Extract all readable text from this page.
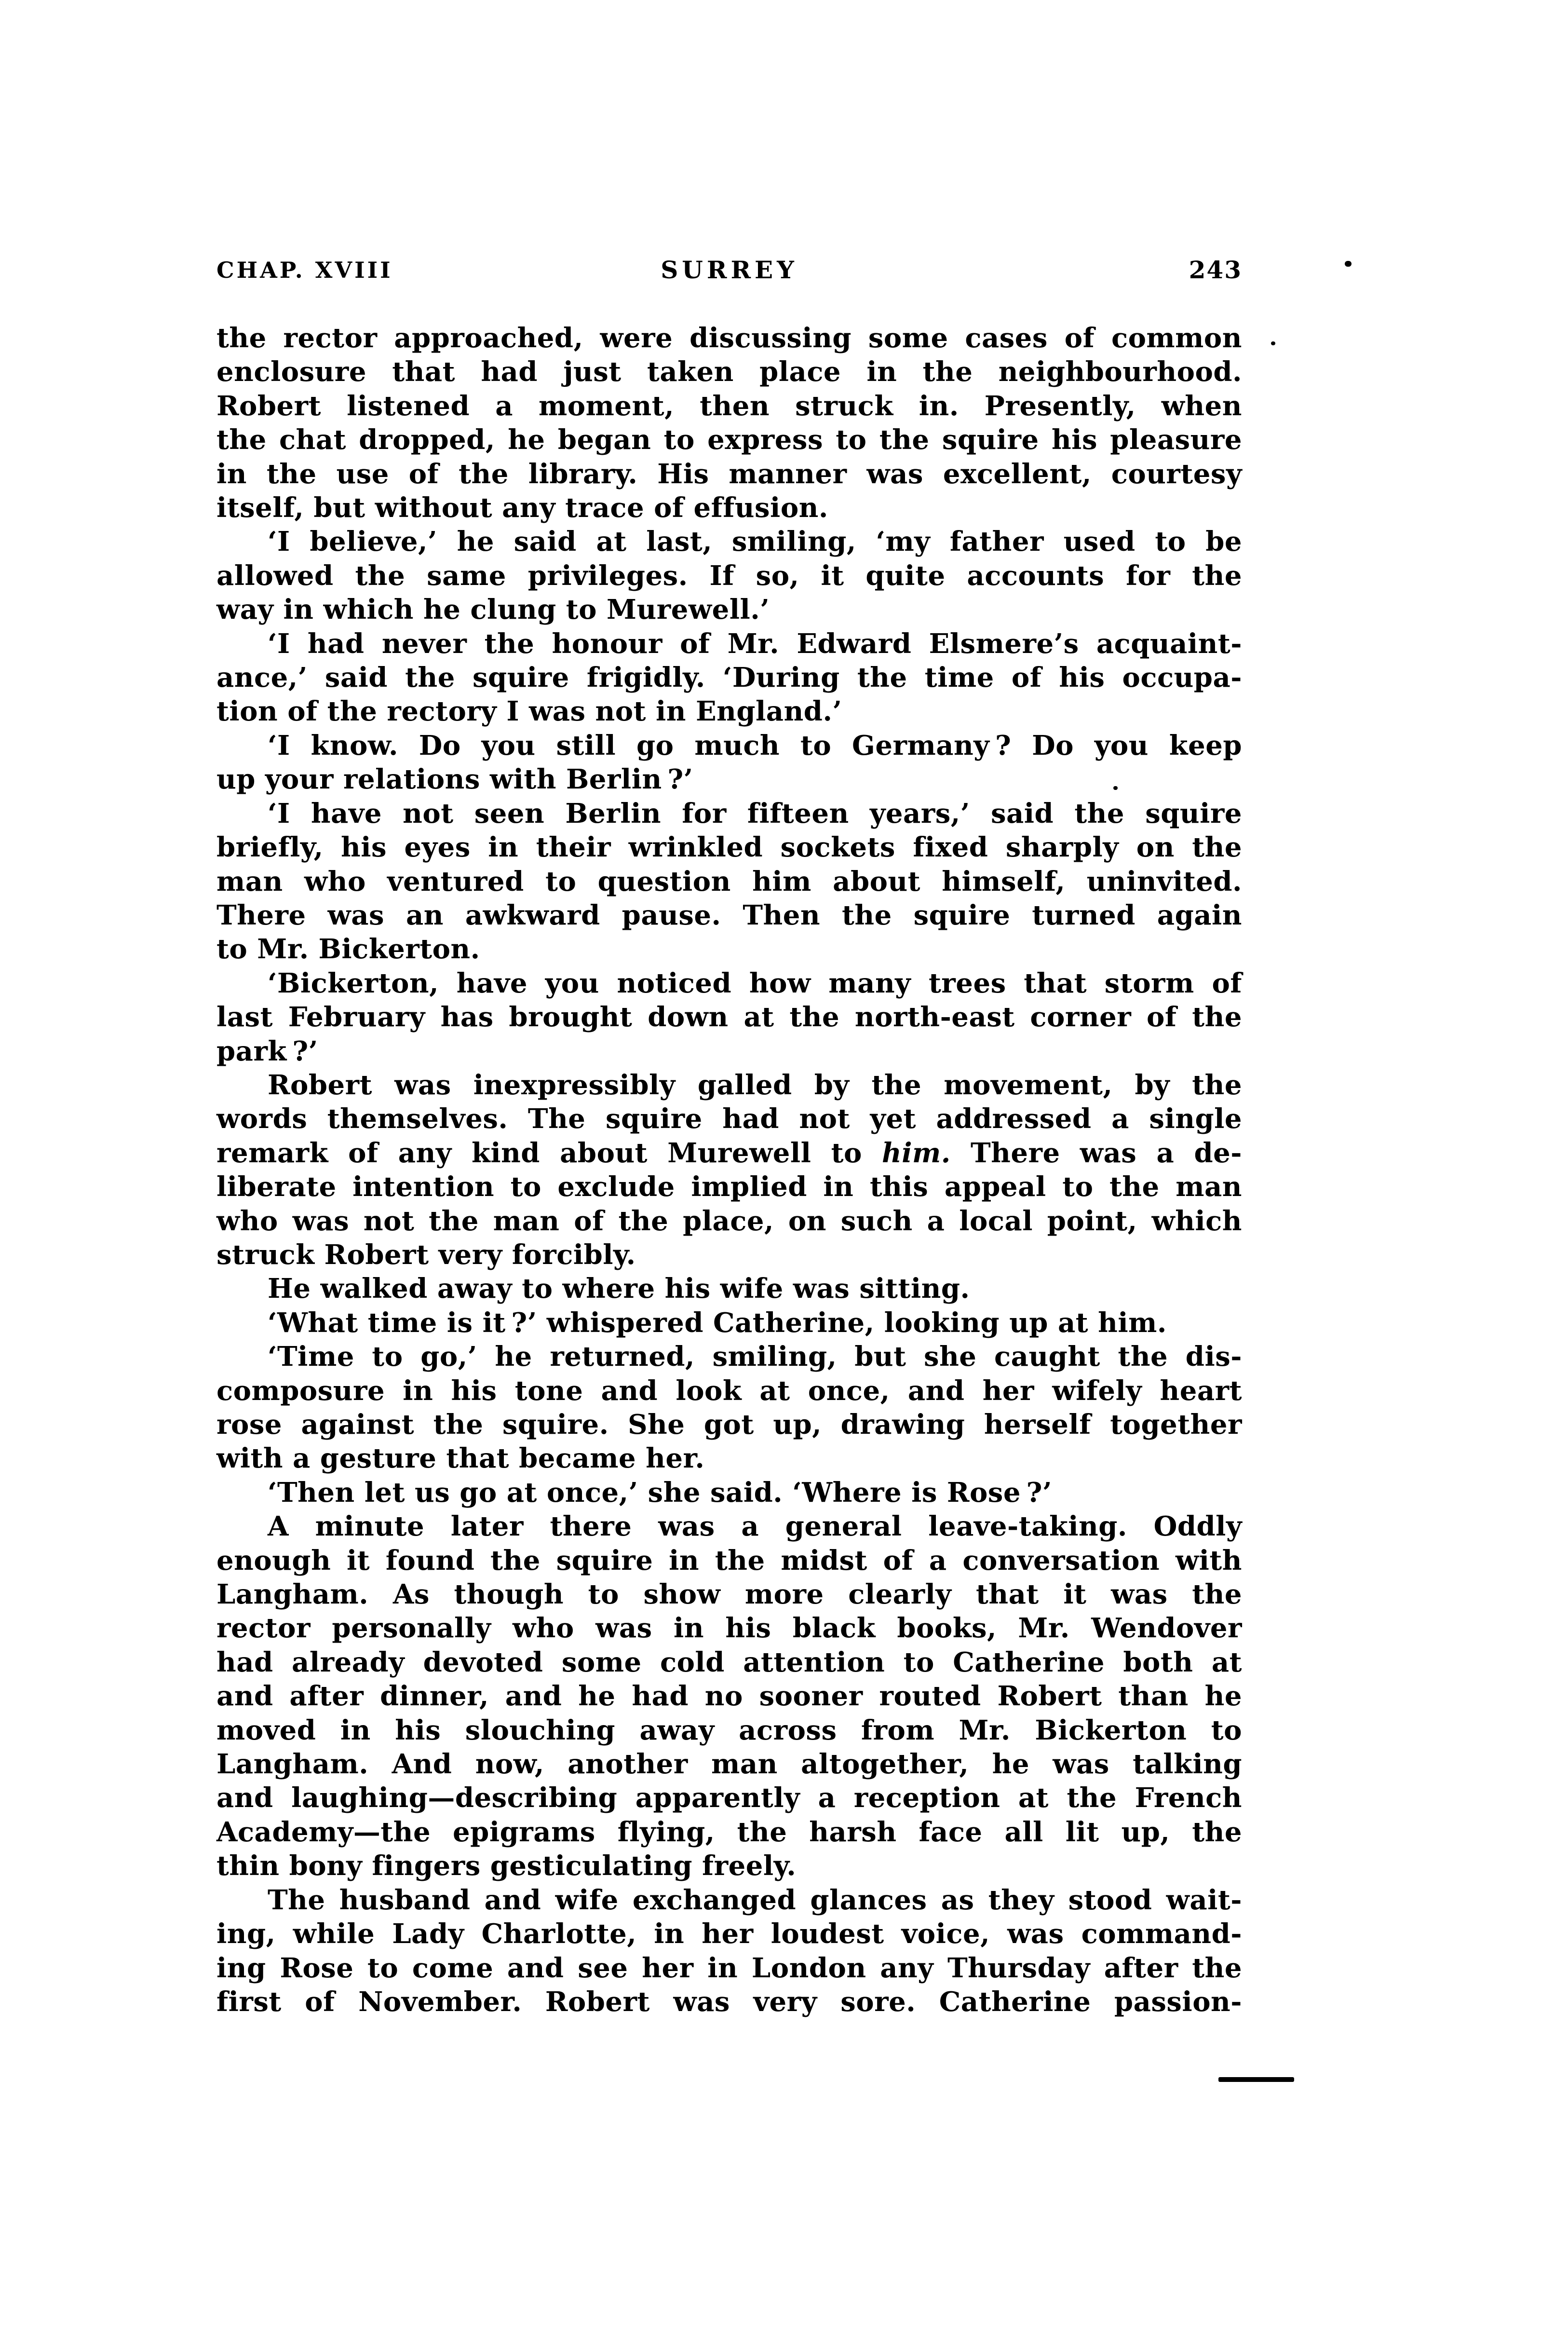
CHAP. XVIII	SURREY	243
the rector approached, were discussing some cases of common
enclosure that had just taken place in the neighbourhood.
Robert listened a moment, then struck in. Presently, when
the chat dropped, he began to express to the squire his pleasure
in the use of the library. His manner was excellent, courtesy
itself, but without any trace of effusion.
‘I believe,’ he said at last, smiling, ‘my father used to be
allowed the same privileges. If so, it quite accounts for the
way in which he clung to Murewell.’
‘I had never the honour of Mr. Edward Elsmere’s acquaint-
ance,’ said the squire frigidly. ‘During the time of his occupa-
tion of the rectory I was not in England.’
‘I know. Do you still go much to Germany ? Do you keep
up your relations with Berlin ?’
‘I have not seen Berlin for fifteen years,’ said the squire
briefly, his eyes in their wrinkled sockets fixed sharply on the
man who ventured to question him about himself, uninvited.
There was an awkward pause. Then the squire turned again
to Mr. Bickerton.
‘Bickerton, have you noticed how many trees that storm of
last February has brought down at the north-east corner of the
park ?’
Robert was inexpressibly galled by the movement, by the
words themselves. The squire had not yet addressed a single
remark of any kind about Murewell to him. There was a de-
liberate intention to exclude implied in this appeal to the man
who was not the man of the place, on such a local point, which
struck Robert very forcibly.
He walked away to where his wife was sitting.
‘What time is it ?’ whispered Catherine, looking up at him.
‘Time to go,’ he returned, smiling, but she caught the dis-
composure in his tone and look at once, and her wifely heart
rose against the squire. She got up, drawing herself together
with a gesture that became her.
‘Then let us go at once,’ she said. ‘Where is Rose ?’
A minute later there was a general leave-taking. Oddly
enough it found the squire in the midst of a conversation with
Langham. As though to show more clearly that it was the
rector personally who was in his black books, Mr. Wendover
had already devoted some cold attention to Catherine both at
and after dinner, and he had no sooner routed Robert than he
moved in his slouching away across from Mr. Bickerton to
Langham. And now, another man altogether, he was talking
and laughing—describing apparently a reception at the French
Academy—the epigrams flying, the harsh face all lit up, the
thin bony fingers gesticulating freely.
The husband and wife exchanged glances as they stood wait-
ing, while Lady Charlotte, in her loudest voice, was command-
ing Rose to come and see her in London any Thursday after the
first of November. Robert was very sore. Catherine passion-
